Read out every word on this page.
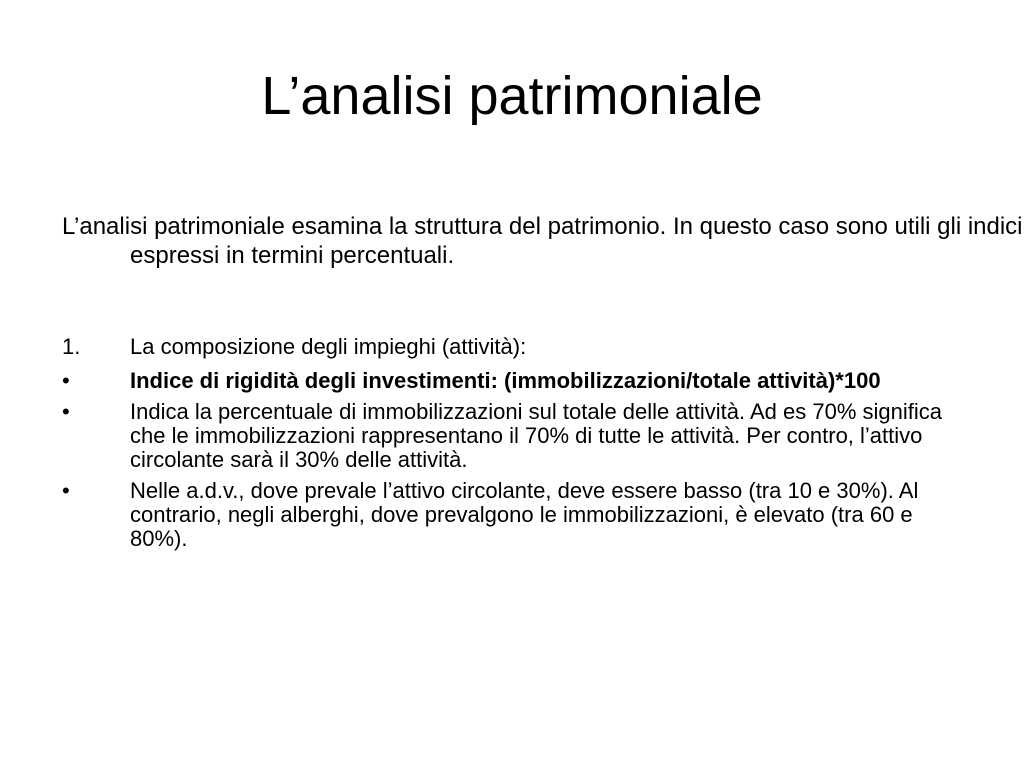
L’analisi patrimoniale

L’analisi patrimoniale esamina la struttura del patrimonio. In questo caso sono utili gli indici espressi in termini percentuali.

1.	La composizione degli impieghi (attività):
•	Indice di rigidità degli investimenti: (immobilizzazioni/totale attività)*100
•	Indica la percentuale di immobilizzazioni sul totale delle attività. Ad es 70% significa che le immobilizzazioni rappresentano il 70% di tutte le attività. Per contro, l’attivo circolante sarà il 30% delle attività.
•	Nelle a.d.v., dove prevale l’attivo circolante, deve essere basso (tra 10 e 30%). Al contrario, negli alberghi, dove prevalgono le immobilizzazioni, è elevato (tra 60 e 80%).
